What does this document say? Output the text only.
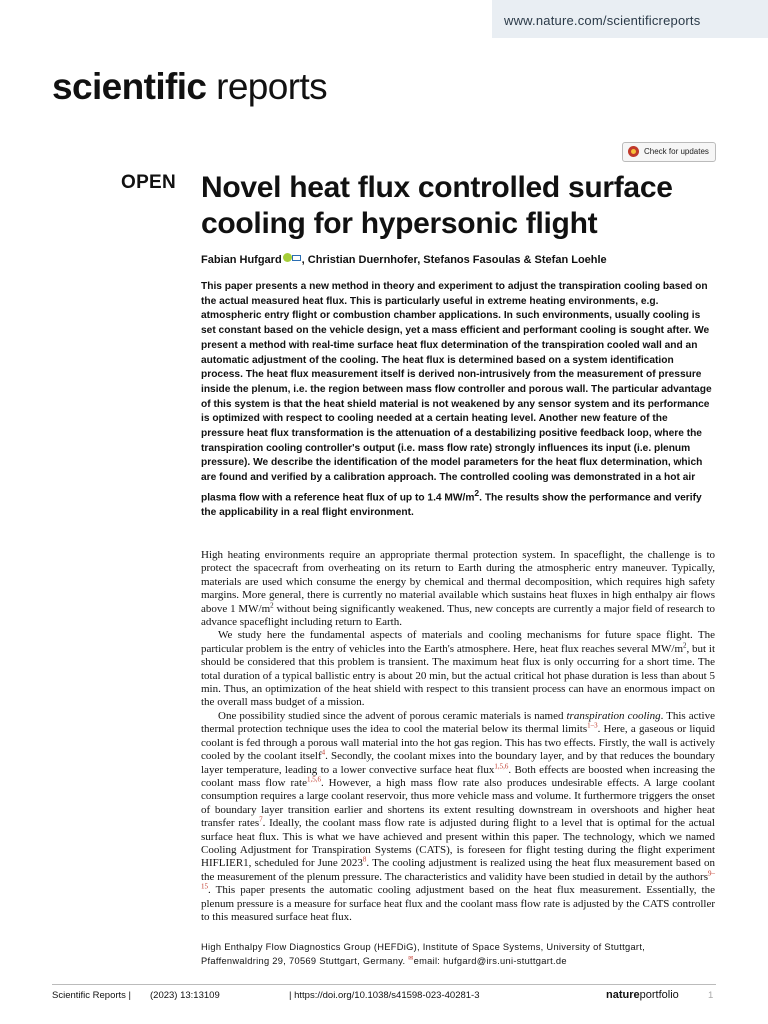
www.nature.com/scientificreports
scientific reports
Check for updates
OPEN Novel heat flux controlled surface cooling for hypersonic flight
Fabian Hufgard , Christian Duernhofer, Stefanos Fasoulas & Stefan Loehle

This paper presents a new method in theory and experiment to adjust the transpiration cooling based on the actual measured heat flux. This is particularly useful in extreme heating environments, e.g. atmospheric entry flight or combustion chamber applications. In such environments, usually cooling is set constant based on the vehicle design, yet a mass efficient and performant cooling is sought after. We present a method with real-time surface heat flux determination of the transpiration cooled wall and an automatic adjustment of the cooling. The heat flux is determined based on a system identification process. The heat flux measurement itself is derived non-intrusively from the measurement of pressure inside the plenum, i.e. the region between mass flow controller and porous wall. The particular advantage of this system is that the heat shield material is not weakened by any sensor system and its performance is optimized with respect to cooling needed at a certain heating level. Another new feature of the pressure heat flux transformation is the attenuation of a destabilizing positive feedback loop, where the transpiration cooling controller's output (i.e. mass flow rate) strongly influences its input (i.e. plenum pressure). We describe the identification of the model parameters for the heat flux determination, which are found and verified by a calibration approach. The controlled cooling was demonstrated in a hot air plasma flow with a reference heat flux of up to 1.4 $MW/m^2$. The results show the performance and verify the applicability in a real flight environment.

High heating environments require an appropriate thermal protection system. In spaceflight, the challenge is to protect the spacecraft from overheating on its return to Earth during the atmospheric entry maneuver. Typically, materials are used which consume the energy by chemical and thermal decomposition, which requires high safety margins. More general, there is currently no material available which sustains heat fluxes in high enthalpy air flows above 1 $MW/m^2$ without being significantly weakened. Thus, new concepts are currently a major field of research to advance spaceflight including return to Earth.

We study here the fundamental aspects of materials and cooling mechanisms for future space flight. The particular problem is the entry of vehicles into the Earth's atmosphere. Here, heat flux reaches several $MW/m^2$, but it should be considered that this problem is transient. The maximum heat flux is only occurring for a short time. The total duration of a typical ballistic entry is about 20 min, but the actual critical hot phase duration is less than about 5 min. Thus, an optimization of the heat shield with respect to this transient process can have an enormous impact on the overall mass budget of a mission.

One possibility studied since the advent of porous ceramic materials is named transpiration cooling. This active thermal protection technique uses the idea to cool the material below its thermal limits$^{1-3}$. Here, a gaseous or liquid coolant is fed through a porous wall material into the hot gas region. This has two effects. Firstly, the wall is actively cooled by the coolant itself$^4$. Secondly, the coolant mixes into the boundary layer, and by that reduces the boundary layer temperature, leading to a lower convective surface heat flux$^{1,5,6}$. Both effects are boosted when increasing the coolant mass flow rate$^{1,5,6}$. However, a high mass flow rate also produces undesirable effects. A large coolant consumption requires a large coolant reservoir, thus more vehicle mass and volume. It furthermore triggers the onset of boundary layer transition earlier and shortens its extent resulting downstream in overshoots and higher heat transfer rates$^7$. Ideally, the coolant mass flow rate is adjusted during flight to a level that is optimal for the actual surface heat flux. This is what we have achieved and present within this paper. The technology, which we named Cooling Adjustment for Transpiration Systems (CATS), is foreseen for flight testing during the flight experiment HIFLIER1, scheduled for June 2023$^8$. The cooling adjustment is realized using the heat flux measurement based on the measurement of the plenum pressure. The characteristics and validity have been studied in detail by the authors$^{9-15}$. This paper presents the automatic cooling adjustment based on the heat flux measurement. Essentially, the plenum pressure is a measure for surface heat flux and the coolant mass flow rate is adjusted by the CATS controller to this measured surface heat flux.

High Enthalpy Flow Diagnostics Group (HEFDiG), Institute of Space Systems, University of Stuttgart, Pfaffenwaldring 29, 70569 Stuttgart, Germany. ✉email: hufgard@irs.uni-stuttgart.de
Scientific Reports | (2023) 13:13109	| https://doi.org/10.1038/s41598-023-40281-3	natureportfolio	1
